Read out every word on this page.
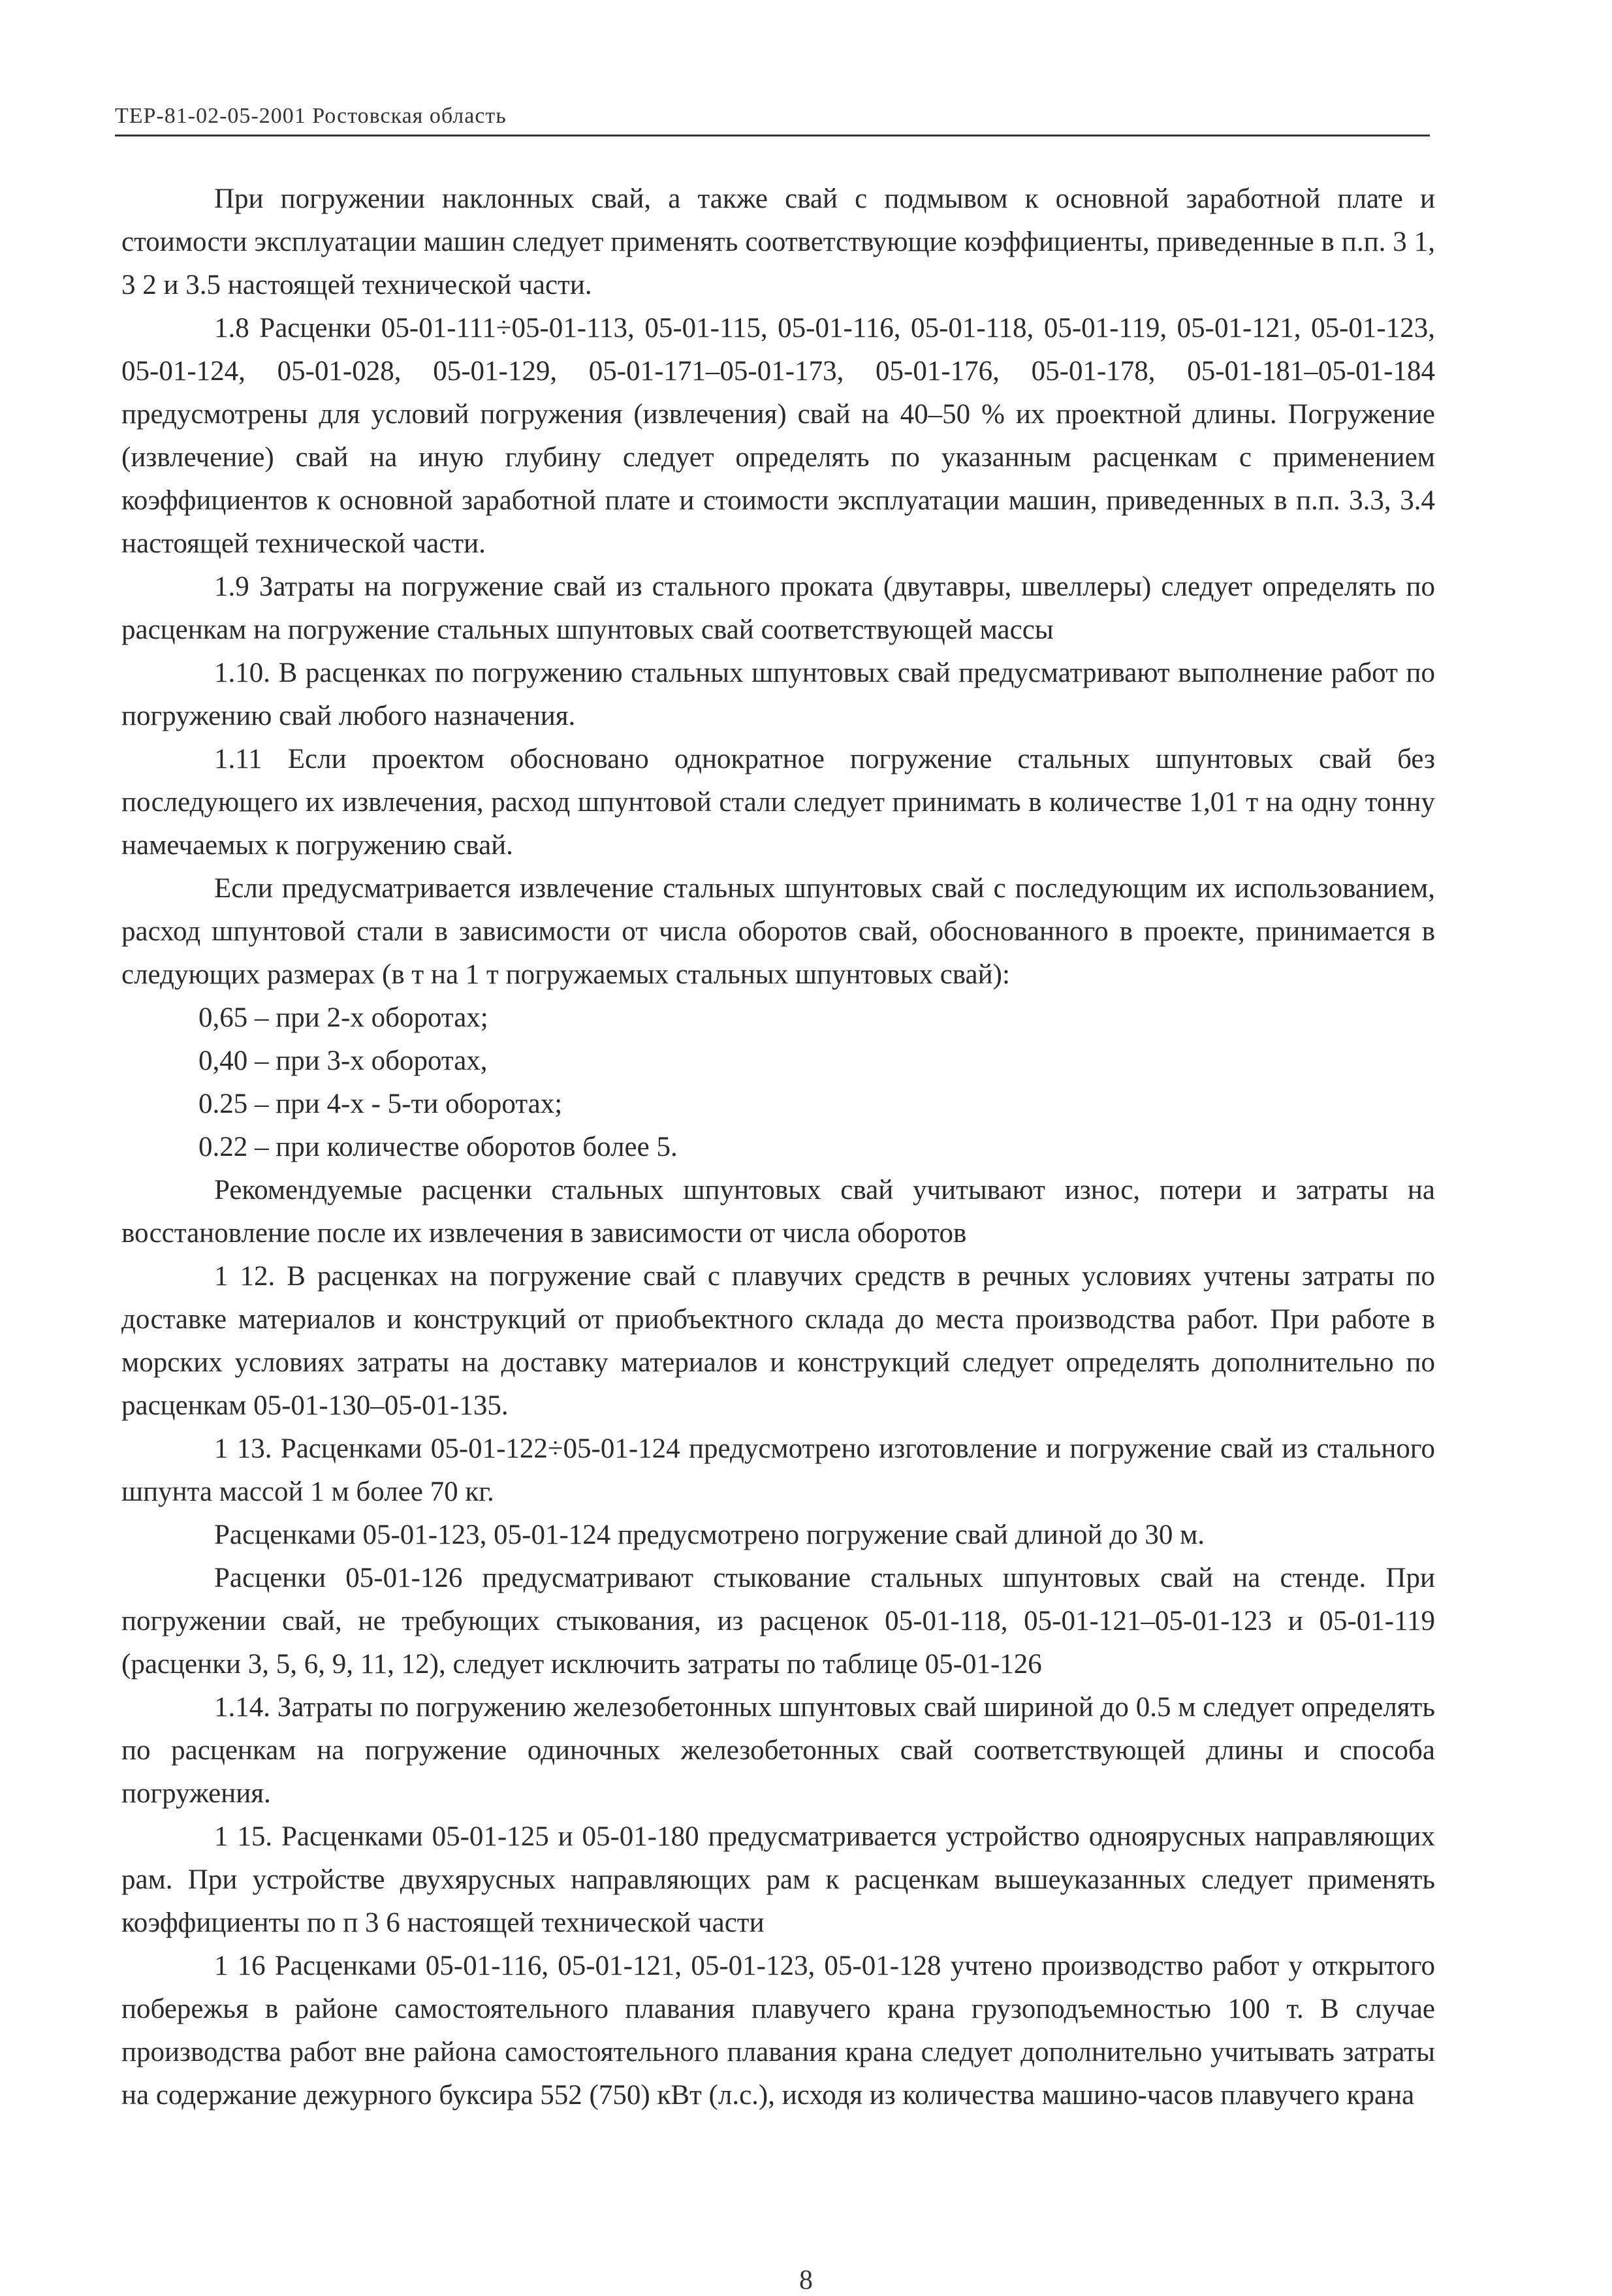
ТЕР-81-02-05-2001 Ростовская область

При погружении наклонных свай, а также свай с подмывом к основной заработной плате и стоимости эксплуатации машин следует применять соответствующие коэффициенты, приведенные в п.п. 3 1, 3 2 и 3.5 настоящей технической части.

1.8 Расценки 05-01-111÷05-01-113, 05-01-115, 05-01-116, 05-01-118, 05-01-119, 05-01-121, 05-01-123, 05-01-124, 05-01-028, 05-01-129, 05-01-171–05-01-173, 05-01-176, 05-01-178, 05-01-181–05-01-184 предусмотрены для условий погружения (извлечения) свай на 40–50 % их проектной длины. Погружение (извлечение) свай на иную глубину следует определять по указанным расценкам с применением коэффициентов к основной заработной плате и стоимости эксплуатации машин, приведенных в п.п. 3.3, 3.4 настоящей технической части.

1.9 Затраты на погружение свай из стального проката (двутавры, швеллеры) следует определять по расценкам на погружение стальных шпунтовых свай соответствующей массы

1.10. В расценках по погружению стальных шпунтовых свай предусматривают выполнение работ по погружению свай любого назначения.

1.11 Если проектом обосновано однократное погружение стальных шпунтовых свай без последующего их извлечения, расход шпунтовой стали следует принимать в количестве 1,01 т на одну тонну намечаемых к погружению свай.

Если предусматривается извлечение стальных шпунтовых свай с последующим их использованием, расход шпунтовой стали в зависимости от числа оборотов свай, обоснованного в проекте, принимается в следующих размерах (в т на 1 т погружаемых стальных шпунтовых свай):

0,65 – при 2-х оборотах;

0,40 – при 3-х оборотах,

0.25 – при 4-х - 5-ти оборотах;

0.22 – при количестве оборотов более 5.

Рекомендуемые расценки стальных шпунтовых свай учитывают износ, потери и затраты на восстановление после их извлечения в зависимости от числа оборотов

1 12. В расценках на погружение свай с плавучих средств в речных условиях учтены затраты по доставке материалов и конструкций от приобъектного склада до места производства работ. При работе в морских условиях затраты на доставку материалов и конструкций следует определять дополнительно по расценкам 05-01-130–05-01-135.

1 13. Расценками 05-01-122÷05-01-124 предусмотрено изготовление и погружение свай из стального шпунта массой 1 м более 70 кг.

Расценками 05-01-123, 05-01-124 предусмотрено погружение свай длиной до 30 м.

Расценки 05-01-126 предусматривают стыкование стальных шпунтовых свай на стенде. При погружении свай, не требующих стыкования, из расценок 05-01-118, 05-01-121–05-01-123 и 05-01-119 (расценки 3, 5, 6, 9, 11, 12), следует исключить затраты по таблице 05-01-126

1.14. Затраты по погружению железобетонных шпунтовых свай шириной до 0.5 м следует определять по расценкам на погружение одиночных железобетонных свай соответствующей длины и способа погружения.

1 15. Расценками 05-01-125 и 05-01-180 предусматривается устройство одноярусных направляющих рам. При устройстве двухярусных направляющих рам к расценкам вышеуказанных следует применять коэффициенты по п 3 6 настоящей технической части

1 16 Расценками 05-01-116, 05-01-121, 05-01-123, 05-01-128 учтено производство работ у открытого побережья в районе самостоятельного плавания плавучего крана грузоподъемностью 100 т. В случае производства работ вне района самостоятельного плавания крана следует дополнительно учитывать затраты на содержание дежурного буксира 552 (750) кВт (л.с.), исходя из количества машино-часов плавучего крана

8
